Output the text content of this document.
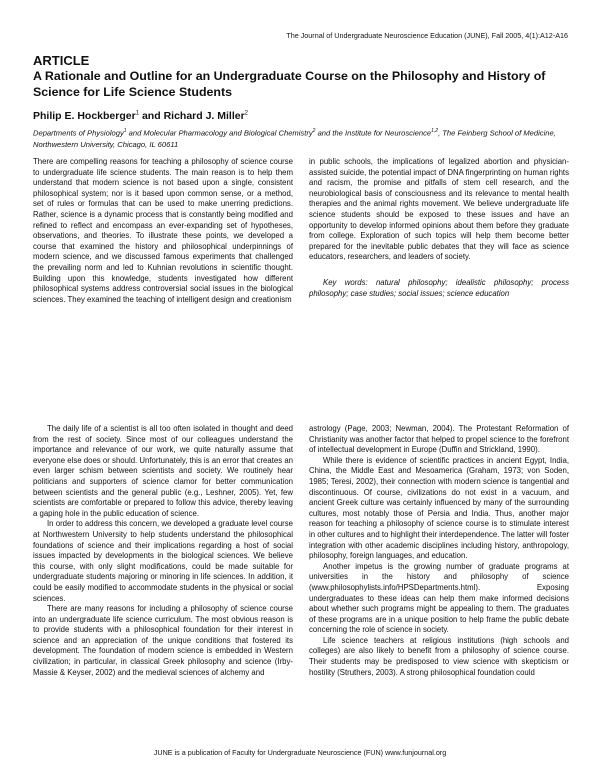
The Journal of Undergraduate Neuroscience Education (JUNE), Fall 2005, 4(1):A12-A16
ARTICLE
A Rationale and Outline for an Undergraduate Course on the Philosophy and History of Science for Life Science Students
Philip E. Hockberger$^1$ and Richard J. Miller$^2$
Departments of Physiology$^1$ and Molecular Pharmacology and Biological Chemistry$^2$ and the Institute for Neuroscience$^{1,2}$, The Feinberg School of Medicine, Northwestern University, Chicago, IL 60611

There are compelling reasons for teaching a philosophy of science course to undergraduate life science students. The main reason is to help them understand that modern science is not based upon a single, consistent philosophical system; nor is it based upon common sense, or a method, set of rules or formulas that can be used to make unerring predictions. Rather, science is a dynamic process that is constantly being modified and refined to reflect and encompass an ever-expanding set of hypotheses, observations, and theories. To illustrate these points, we developed a course that examined the history and philosophical underpinnings of modern science, and we discussed famous experiments that challenged the prevailing norm and led to Kuhnian revolutions in scientific thought. Building upon this knowledge, students investigated how different philosophical systems address controversial social issues in the biological sciences. They examined the teaching of intelligent design and creationism

in public schools, the implications of legalized abortion and physician-assisted suicide, the potential impact of DNA fingerprinting on human rights and racism, the promise and pitfalls of stem cell research, and the neurobiological basis of consciousness and its relevance to mental health therapies and the animal rights movement. We believe undergraduate life science students should be exposed to these issues and have an opportunity to develop informed opinions about them before they graduate from college. Exploration of such topics will help them become better prepared for the inevitable public debates that they will face as science educators, researchers, and leaders of society.

Key words: natural philosophy; idealistic philosophy; process philosophy; case studies; social issues; science education

The daily life of a scientist is all too often isolated in thought and deed from the rest of society. Since most of our colleagues understand the importance and relevance of our work, we quite naturally assume that everyone else does or should. Unfortunately, this is an error that creates an even larger schism between scientists and society. We routinely hear politicians and supporters of science clamor for better communication between scientists and the general public (e.g., Leshner, 2005). Yet, few scientists are comfortable or prepared to follow this advice, thereby leaving a gaping hole in the public education of science.

In order to address this concern, we developed a graduate level course at Northwestern University to help students understand the philosophical foundations of science and their implications regarding a host of social issues impacted by developments in the biological sciences. We believe this course, with only slight modifications, could be made suitable for undergraduate students majoring or minoring in life sciences. In addition, it could be easily modified to accommodate students in the physical or social sciences.

There are many reasons for including a philosophy of science course into an undergraduate life science curriculum. The most obvious reason is to provide students with a philosophical foundation for their interest in science and an appreciation of the unique conditions that fostered its development. The foundation of modern science is embedded in Western civilization; in particular, in classical Greek philosophy and science (Irby-Massie & Keyser, 2002) and the medieval sciences of alchemy and

astrology (Page, 2003; Newman, 2004). The Protestant Reformation of Christianity was another factor that helped to propel science to the forefront of intellectual development in Europe (Duffin and Strickland, 1990).

While there is evidence of scientific practices in ancient Egypt, India, China, the Middle East and Mesoamerica (Graham, 1973; von Soden, 1985; Teresi, 2002), their connection with modern science is tangential and discontinuous. Of course, civilizations do not exist in a vacuum, and ancient Greek culture was certainly influenced by many of the surrounding cultures, most notably those of Persia and India. Thus, another major reason for teaching a philosophy of science course is to stimulate interest in other cultures and to highlight their interdependence. The latter will foster integration with other academic disciplines including history, anthropology, philosophy, foreign languages, and education.

Another impetus is the growing number of graduate programs at universities in the history and philosophy of science (www.philosophylists.info/HPSDepartments.html). Exposing undergraduates to these ideas can help them make informed decisions about whether such programs might be appealing to them. The graduates of these programs are in a unique position to help frame the public debate concerning the role of science in society.

Life science teachers at religious institutions (high schools and colleges) are also likely to benefit from a philosophy of science course. Their students may be predisposed to view science with skepticism or hostility (Struthers, 2003). A strong philosophical foundation could

JUNE is a publication of Faculty for Undergraduate Neuroscience (FUN) www.funjournal.org
